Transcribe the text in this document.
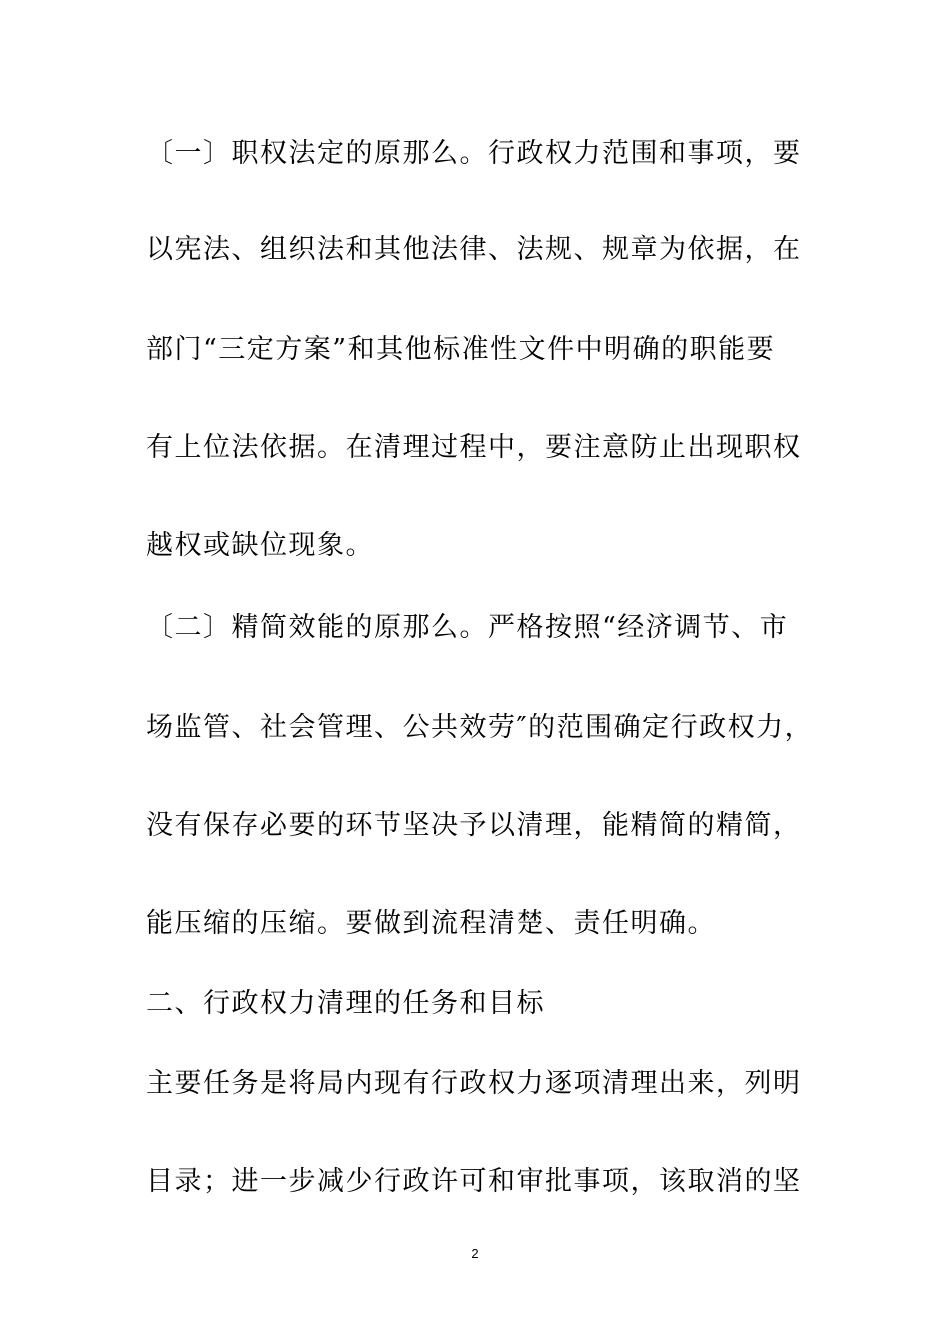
〔一〕职权法定的原那么。行政权力范围和事项，要
以宪法、组织法和其他法律、法规、规章为依据，在
部门“三定方案”和其他标准性文件中明确的职能要
有上位法依据。在清理过程中，要注意防止出现职权
越权或缺位现象。
〔二〕精简效能的原那么。严格按照“经济调节、市
场监管、社会管理、公共效劳″的范围确定行政权力，
没有保存必要的环节坚决予以清理，能精简的精简，
能压缩的压缩。要做到流程清楚、责任明确。
二、行政权力清理的任务和目标
主要任务是将局内现有行政权力逐项清理出来，列明
目录；进一步减少行政许可和审批事项，该取消的坚
2
